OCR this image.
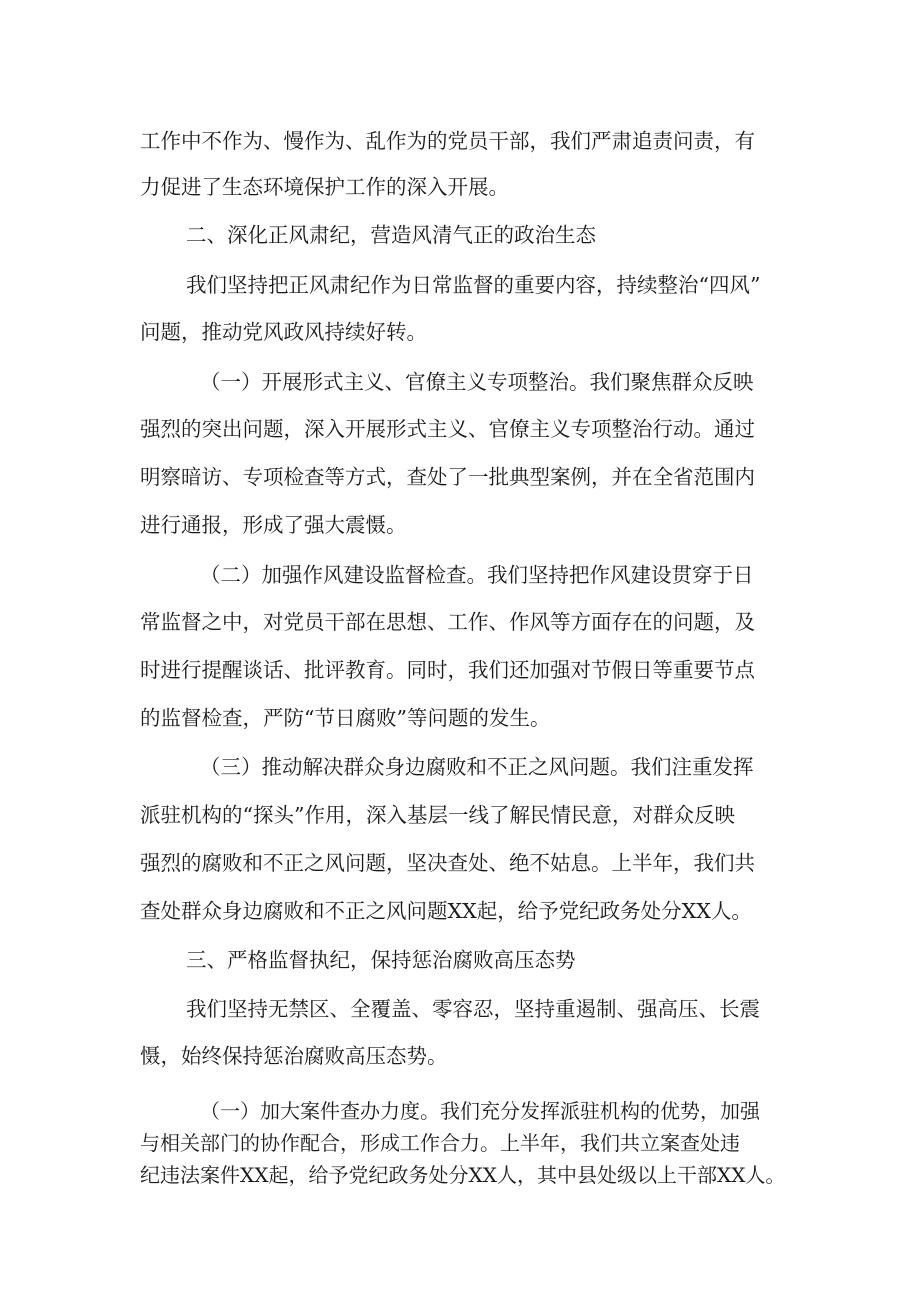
工作中不作为、慢作为、乱作为的党员干部，我们严肃追责问责，有

力促进了生态环境保护工作的深入开展。

二、深化正风肃纪，营造风清气正的政治生态

我们坚持把正风肃纪作为日常监督的重要内容，持续整治“四风”

问题，推动党风政风持续好转。

（一）开展形式主义、官僚主义专项整治。我们聚焦群众反映

强烈的突出问题，深入开展形式主义、官僚主义专项整治行动。通过

明察暗访、专项检查等方式，查处了一批典型案例，并在全省范围内

进行通报，形成了强大震慑。

（二）加强作风建设监督检查。我们坚持把作风建设贯穿于日

常监督之中，对党员干部在思想、工作、作风等方面存在的问题，及

时进行提醒谈话、批评教育。同时，我们还加强对节假日等重要节点

的监督检查，严防“节日腐败”等问题的发生。

（三）推动解决群众身边腐败和不正之风问题。我们注重发挥

派驻机构的“探头”作用，深入基层一线了解民情民意，对群众反映

强烈的腐败和不正之风问题，坚决查处、绝不姑息。上半年，我们共

查处群众身边腐败和不正之风问题XX起，给予党纪政务处分XX人。

三、严格监督执纪，保持惩治腐败高压态势

我们坚持无禁区、全覆盖、零容忍，坚持重遏制、强高压、长震

慑，始终保持惩治腐败高压态势。

（一）加大案件查办力度。我们充分发挥派驻机构的优势，加强

与相关部门的协作配合，形成工作合力。上半年，我们共立案查处违

纪违法案件XX起，给予党纪政务处分XX人，其中县处级以上干部XX人。
